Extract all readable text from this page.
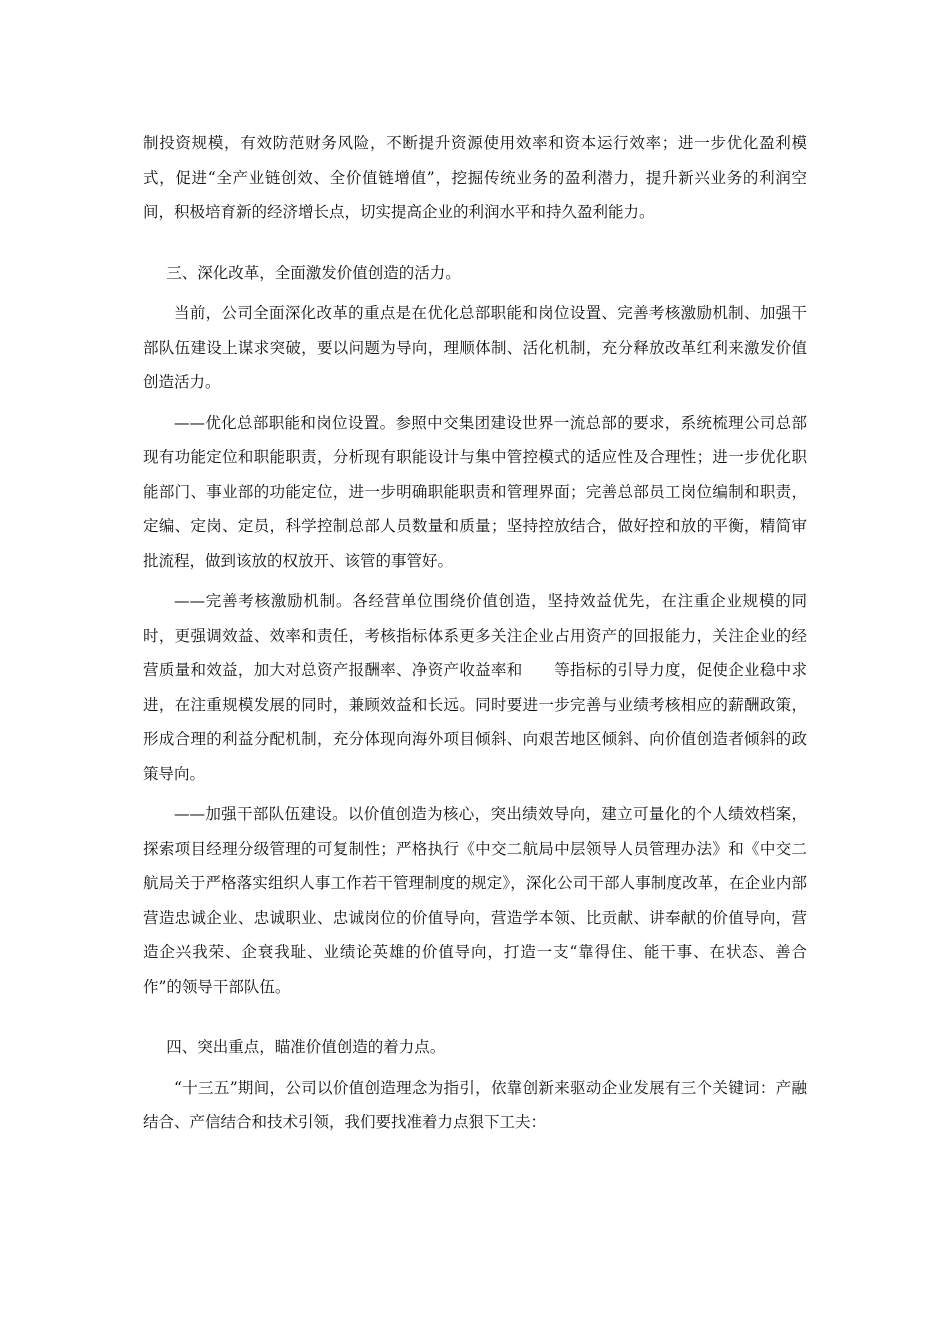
制投资规模，有效防范财务风险，不断提升资源使用效率和资本运行效率；进一步优化盈利模式，促进“全产业链创效、全价值链增值”，挖掘传统业务的盈利潜力，提升新兴业务的利润空间，积极培育新的经济增长点，切实提高企业的利润水平和持久盈利能力。

三、深化改革，全面激发价值创造的活力。

当前，公司全面深化改革的重点是在优化总部职能和岗位设置、完善考核激励机制、加强干部队伍建设上谋求突破，要以问题为导向，理顺体制、活化机制，充分释放改革红利来激发价值创造活力。

——优化总部职能和岗位设置。参照中交集团建设世界一流总部的要求，系统梳理公司总部现有功能定位和职能职责，分析现有职能设计与集中管控模式的适应性及合理性；进一步优化职能部门、事业部的功能定位，进一步明确职能职责和管理界面；完善总部员工岗位编制和职责，定编、定岗、定员，科学控制总部人员数量和质量；坚持控放结合，做好控和放的平衡，精简审批流程，做到该放的权放开、该管的事管好。

——完善考核激励机制。各经营单位围绕价值创造，坚持效益优先，在注重企业规模的同时，更强调效益、效率和责任，考核指标体系更多关注企业占用资产的回报能力，关注企业的经营质量和效益，加大对总资产报酬率、净资产收益率和　　等指标的引导力度，促使企业稳中求进，在注重规模发展的同时，兼顾效益和长远。同时要进一步完善与业绩考核相应的薪酬政策，形成合理的利益分配机制，充分体现向海外项目倾斜、向艰苦地区倾斜、向价值创造者倾斜的政策导向。

——加强干部队伍建设。以价值创造为核心，突出绩效导向，建立可量化的个人绩效档案，探索项目经理分级管理的可复制性；严格执行《中交二航局中层领导人员管理办法》和《中交二航局关于严格落实组织人事工作若干管理制度的规定》，深化公司干部人事制度改革，在企业内部营造忠诚企业、忠诚职业、忠诚岗位的价值导向，营造学本领、比贡献、讲奉献的价值导向，营造企兴我荣、企衰我耻、业绩论英雄的价值导向，打造一支“靠得住、能干事、在状态、善合作”的领导干部队伍。

四、突出重点，瞄准价值创造的着力点。

“十三五”期间，公司以价值创造理念为指引，依靠创新来驱动企业发展有三个关键词：产融结合、产信结合和技术引领，我们要找准着力点狠下工夫：
